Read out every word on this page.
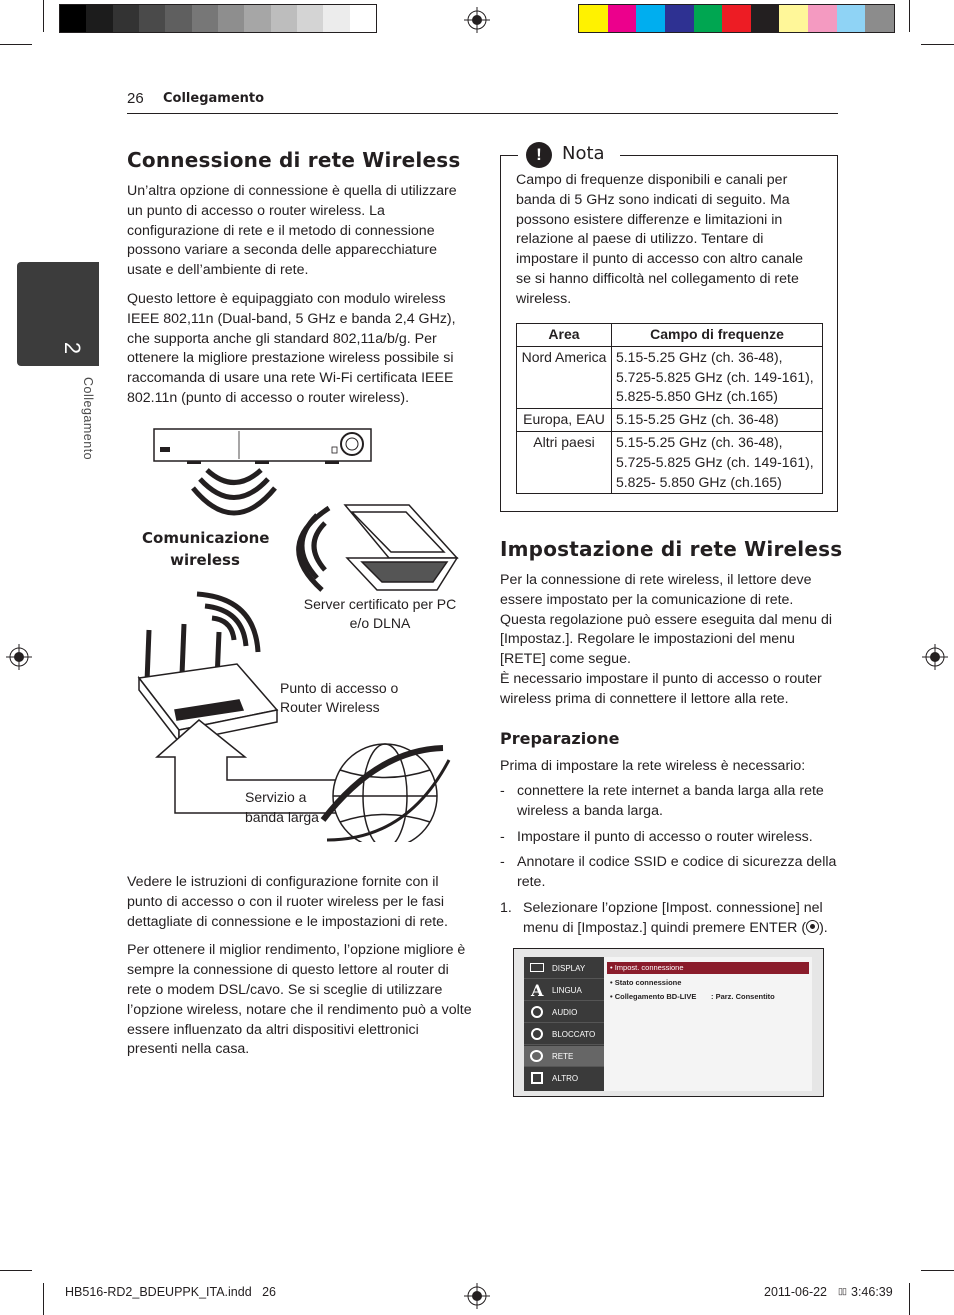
26 Collegamento
2
Collegamento
Connessione di rete Wireless

Un’altra opzione di connessione è quella di utilizzare un punto di accesso o router wireless. La configurazione di rete e il metodo di connessione possono variare a seconda delle apparecchiature usate e dell’ambiente di rete.

Questo lettore è equipaggiato con modulo wireless IEEE 802,11n (Dual-band, 5 GHz e banda 2,4 GHz), che supporta anche gli standard 802,11a/b/g. Per ottenere la migliore prestazione wireless possibile si raccomanda di usare una rete Wi-Fi certificata IEEE 802.11n (punto di accesso o router wireless).

Comunicazione wireless
Server certificato per PC e/o DLNA
Punto di accesso o Router Wireless
Servizio a banda larga

Vedere le istruzioni di configurazione fornite con il punto di accesso o con il ruoter wireless per le fasi dettagliate di connessione e le impostazioni di rete.

Per ottenere il miglior rendimento, l’opzione migliore è sempre la connessione di questo lettore al router di rete o modem DSL/cavo. Se si sceglie di utilizzare l’opzione wireless, notare che il rendimento può a volte essere influenzato da altri dispositivi elettronici presenti nella casa.

!	Nota
Campo di frequenze disponibili e canali per banda di 5 GHz sono indicati di seguito. Ma possono esistere differenze e limitazioni in relazione al paese di utilizzo. Tentare di impostare il punto di accesso con altro canale se si hanno difficoltà nel collegamento di rete wireless.
Area	Campo di frequenze
Nord America	5.15-5.25 GHz (ch. 36-48), 5.725-5.825 GHz (ch. 149-161), 5.825-5.850 GHz (ch.165)
Europa, EAU	5.15-5.25 GHz (ch. 36-48)
Altri paesi	5.15-5.25 GHz (ch. 36-48), 5.725-5.825 GHz (ch. 149-161), 5.825- 5.850 GHz (ch.165)
Impostazione di rete Wireless
Per la connessione di rete wireless, il lettore deve essere impostato per la comunicazione di rete. Questa regolazione può essere eseguita dal menu di [Impostaz.]. Regolare le impostazioni del menu [RETE] come segue.
È necessario impostare il punto di accesso o router wireless prima di connettere il lettore alla rete.
Preparazione
Prima di impostare la rete wireless è necessario:
- connettere la rete internet a banda larga alla rete wireless a banda larga.
- Impostare il punto di accesso o router wireless.
- Annotare il codice SSID e codice di sicurezza della rete.
1. Selezionare l’opzione [Impost. connessione] nel menu di [Impostaz.] quindi premere ENTER ( ).
DISPLAY
A LINGUA
AUDIO
BLOCCATO
RETE
ALTRO
• Impost. connessione
• Stato connessione
• Collegamento BD-LIVE : Parz. Consentito
HB516-RD2_BDEUPPK_ITA.indd   26	2011-06-22 ▯▯ 3:46:39
